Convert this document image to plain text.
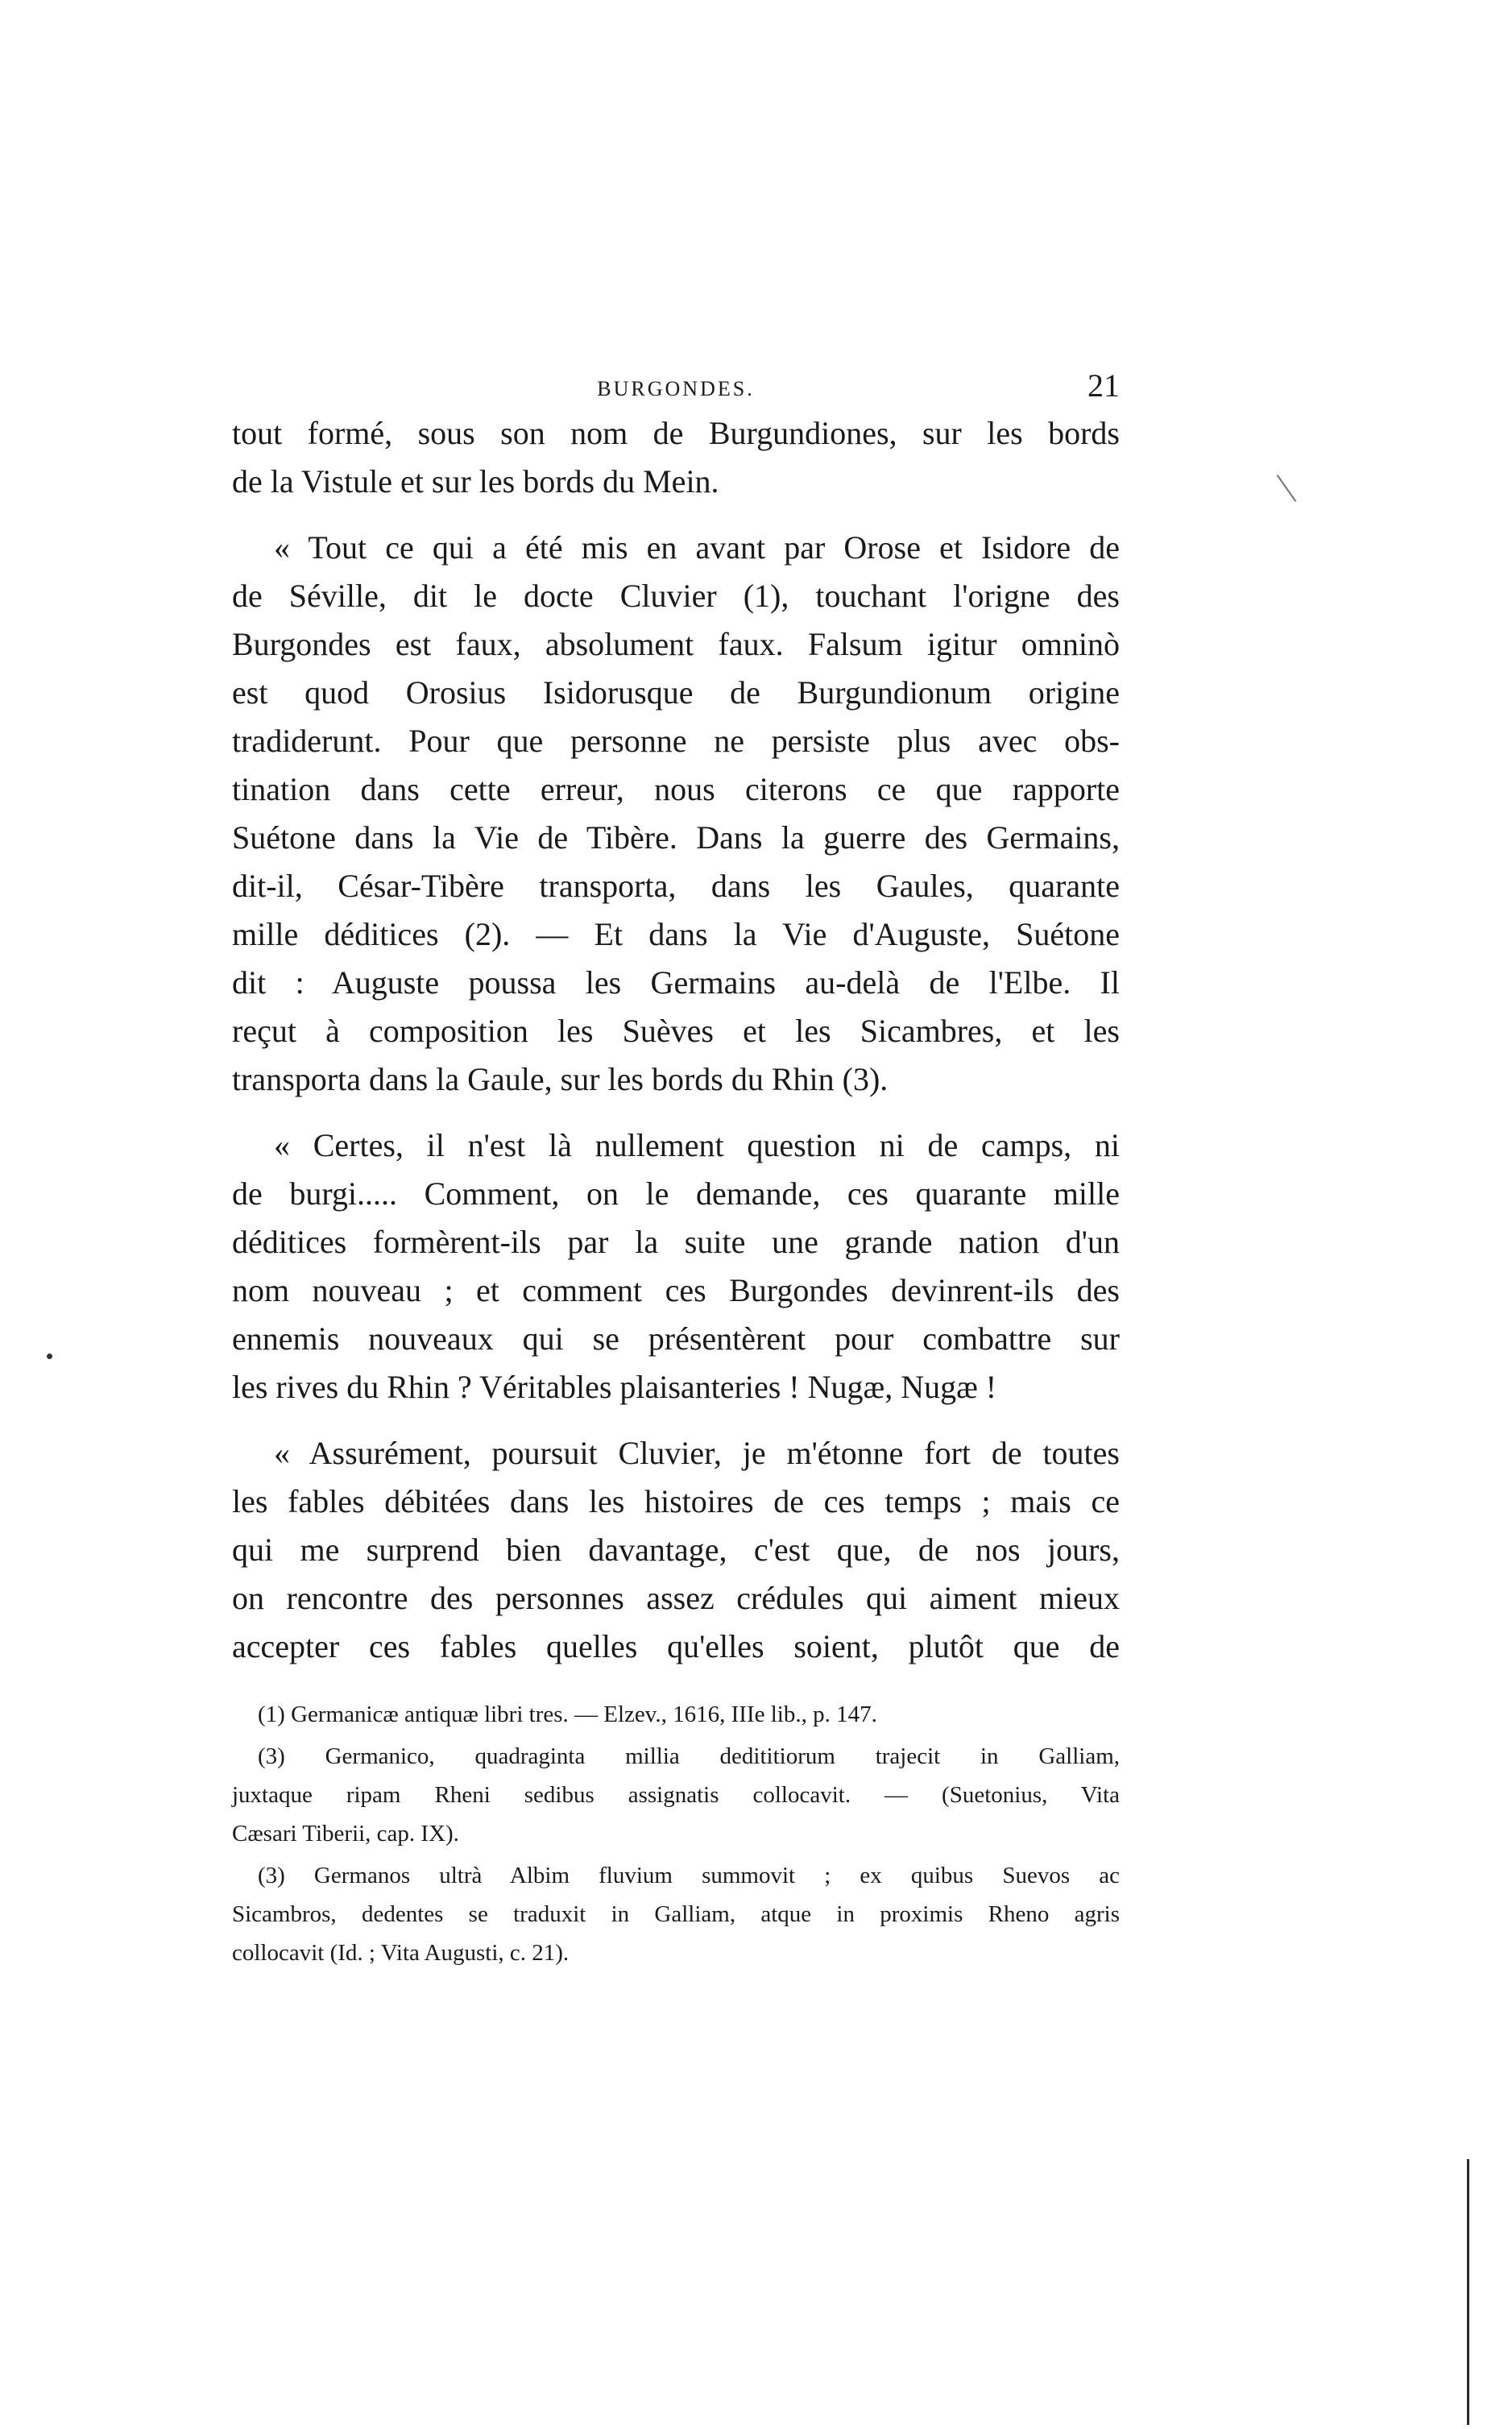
BURGONDES.	21
tout formé, sous son nom de Burgundiones, sur les bords
de la Vistule et sur les bords du Mein.
« Tout ce qui a été mis en avant par Orose et Isidore de
de Séville, dit le docte Cluvier (1), touchant l'origne des
Burgondes est faux, absolument faux. Falsum igitur omninò
est quod Orosius Isidorusque de Burgundionum origine
tradiderunt. Pour que personne ne persiste plus avec obs-
tination dans cette erreur, nous citerons ce que rapporte
Suétone dans la Vie de Tibère. Dans la guerre des Germains,
dit-il, César-Tibère transporta, dans les Gaules, quarante
mille déditices (2). — Et dans la Vie d'Auguste, Suétone
dit : Auguste poussa les Germains au-delà de l'Elbe. Il
reçut à composition les Suèves et les Sicambres, et les
transporta dans la Gaule, sur les bords du Rhin (3).
« Certes, il n'est là nullement question ni de camps, ni
de burgi..... Comment, on le demande, ces quarante mille
déditices formèrent-ils par la suite une grande nation d'un
nom nouveau ; et comment ces Burgondes devinrent-ils des
ennemis nouveaux qui se présentèrent pour combattre sur
les rives du Rhin ? Véritables plaisanteries ! Nugæ, Nugæ !
« Assurément, poursuit Cluvier, je m'étonne fort de toutes
les fables débitées dans les histoires de ces temps ; mais ce
qui me surprend bien davantage, c'est que, de nos jours,
on rencontre des personnes assez crédules qui aiment mieux
accepter ces fables quelles qu'elles soient, plutôt que de
(1) Germanicæ antiquæ libri tres. — Elzev., 1616, IIIe lib., p. 147.
(3) Germanico, quadraginta millia dedititiorum trajecit in Galliam,
juxtaque ripam Rheni sedibus assignatis collocavit. — (Suetonius, Vita
Cæsari Tiberii, cap. IX).
(3) Germanos ultrà Albim fluvium summovit ; ex quibus Suevos ac
Sicambros, dedentes se traduxit in Galliam, atque in proximis Rheno agris
collocavit (Id. ; Vita Augusti, c. 21).
